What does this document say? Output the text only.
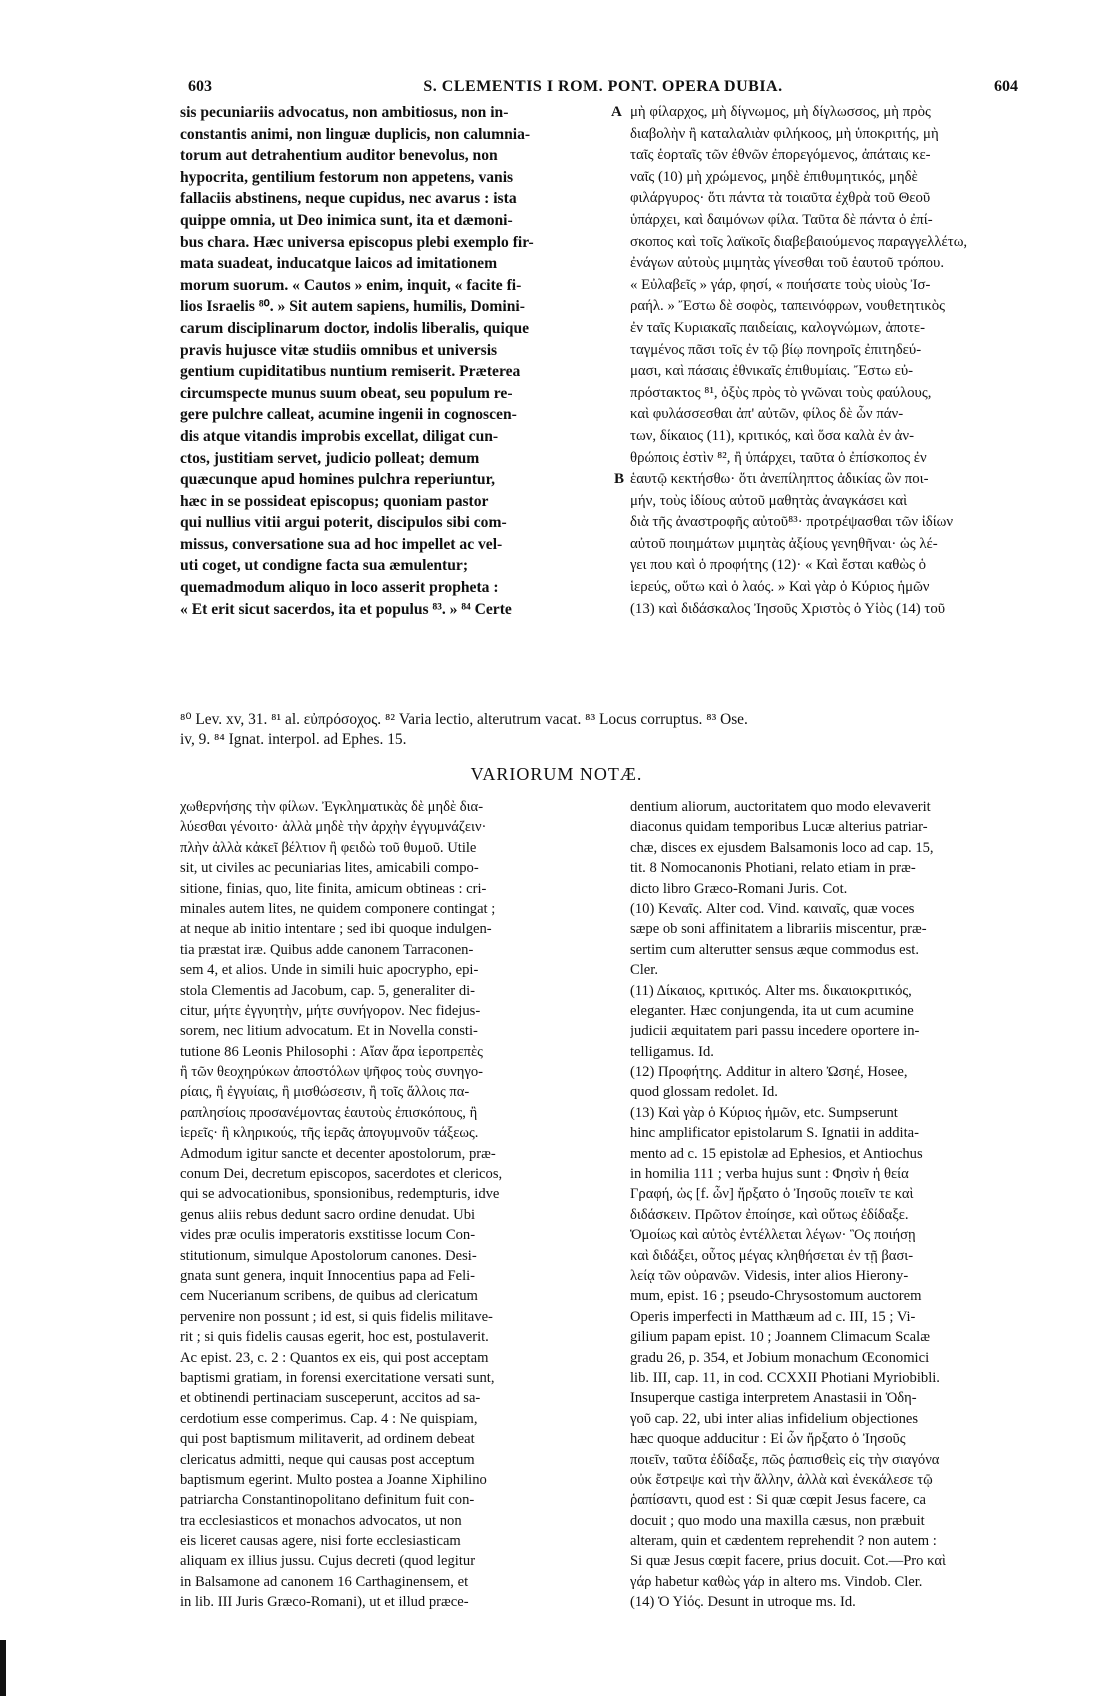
603	S. CLEMENTIS I ROM. PONT. OPERA DUBIA.	604
sis pecuniariis advocatus, non ambitiosus, non in-
constantis animi, non linguæ duplicis, non calumnia-
torum aut detrahentium auditor benevolus, non
hypocrita, gentilium festorum non appetens, vanis
fallaciis abstinens, neque cupidus, nec avarus : ista
quippe omnia, ut Deo inimica sunt, ita et dæmoni-
bus chara. Hæc universa episcopus plebi exemplo fir-
mata suadeat, inducatque laicos ad imitationem
morum suorum. « Cautos » enim, inquit, « facite fi-
lios Israelis ⁸⁰. » Sit autem sapiens, humilis, Domini-
carum disciplinarum doctor, indolis liberalis, quique
pravis hujusce vitæ studiis omnibus et universis
gentium cupiditatibus nuntium remiserit. Præterea
circumspecte munus suum obeat, seu populum re-
gere pulchre calleat, acumine ingenii in cognoscen-
dis atque vitandis improbis excellat, diligat cun-
ctos, justitiam servet, judicio polleat; demum
quæcunque apud homines pulchra reperiuntur,
hæc in se possideat episcopus; quoniam pastor
qui nullius vitii argui poterit, discipulos sibi com-
missus, conversatione sua ad hoc impellet ac vel-
uti coget, ut condigne facta sua æmulentur;
quemadmodum aliquo in loco asserit propheta :
« Et erit sicut sacerdos, ita et populus ⁸³. » ⁸⁴ Certe
μὴ φίλαρχος, μὴ δίγνωμος, μὴ δίγλωσσος, μὴ πρὸς
διαβολὴν ἢ καταλαλιὰν φιλήκοος, μὴ ὑποκριτής, μὴ
ταῖς ἑορταῖς τῶν ἐθνῶν ἐπορεγόμενος, ἀπάταις κε-
ναῖς (10) μὴ χρώμενος, μηδὲ ἐπιθυμητικός, μηδὲ
φιλάργυρος· ὅτι πάντα τὰ τοιαῦτα ἐχθρὰ τοῦ Θεοῦ
ὑπάρχει, καὶ δαιμόνων φίλα. Ταῦτα δὲ πάντα ὁ ἐπί-
σκοπος καὶ τοῖς λαϊκοῖς διαβεβαιούμενος παραγγελλέτω,
ἐνάγων αὐτοὺς μιμητὰς γίνεσθαι τοῦ ἑαυτοῦ τρόπου.
« Εὐλαβεῖς » γάρ, φησί, « ποιήσατε τοὺς υἱοὺς Ἰσ-
ραήλ. » Ἔστω δὲ σοφὸς, ταπεινόφρων, νουθετητικὸς
ἐν ταῖς Κυριακαῖς παιδείαις, καλογνώμων, ἀποτε-
ταγμένος πᾶσι τοῖς ἐν τῷ βίῳ πονηροῖς ἐπιτηδεύ-
μασι, καὶ πάσαις ἐθνικαῖς ἐπιθυμίαις. Ἔστω εὐ-
πρόστακτος ⁸¹, ὀξὺς πρὸς τὸ γνῶναι τοὺς φαύλους,
καὶ φυλάσσεσθαι ἀπ' αὐτῶν, φίλος δὲ ὧν πάν-
των, δίκαιος (11), κριτικός, καὶ ὅσα καλὰ ἐν ἀν-
θρώποις ἐστὶν ⁸², ἢ ὑπάρχει, ταῦτα ὁ ἐπίσκοπος ἐν
ἑαυτῷ κεκτήσθω· ὅτι ἀνεπίληπτος ἀδικίας ὢν ποι-
μήν, τοὺς ἰδίους αὐτοῦ μαθητὰς ἀναγκάσει καὶ
διὰ τῆς ἀναστροφῆς αὐτοῦ⁸³· προτρέψασθαι τῶν ἰδίων
αὐτοῦ ποιημάτων μιμητὰς ἀξίους γενηθῆναι· ὡς λέ-
γει που καὶ ὁ προφήτης (12)· « Καὶ ἔσται καθὼς ὁ
ἱερεύς, οὕτω καὶ ὁ λαός. » Καὶ γὰρ ὁ Κύριος ἡμῶν
(13) καὶ διδάσκαλος Ἰησοῦς Χριστὸς ὁ Υἱὸς (14) τοῦ
A
B
⁸⁰ Lev. xv, 31. ⁸¹ al. εὐπρόσοχος. ⁸² Varia lectio, alterutrum vacat. ⁸³ Locus corruptus. ⁸³ Ose.
iv, 9. ⁸⁴ Ignat. interpol. ad Ephes. 15.
VARIORUM NOTÆ.
χωθερνήσης τὴν φίλων. Ἐγκληματικὰς δὲ μηδὲ δια-
λύεσθαι γένοιτο· ἀλλὰ μηδὲ τὴν ἀρχὴν ἐγγυμνάζειν·
πλὴν ἀλλὰ κἀκεῖ βέλτιον ἢ φειδὼ τοῦ θυμοῦ. Utile
sit, ut civiles ac pecuniarias lites, amicabili compo-
sitione, finias, quo, lite finita, amicum obtineas : cri-
minales autem lites, ne quidem componere contingat ;
at neque ab initio intentare ; sed ibi quoque indulgen-
tia præstat iræ. Quibus adde canonem Tarraconen-
sem 4, et alios. Unde in simili huic apocrypho, epi-
stola Clementis ad Jacobum, cap. 5, generaliter di-
citur, μήτε ἐγγυητὴν, μήτε συνήγορον. Nec fidejus-
sorem, nec litium advocatum. Et in Novella consti-
tutione 86 Leonis Philosophi : Αἴαν ἄρα ἱεροπρεπὲς
ἢ τῶν θεοχηρύκων ἀποστόλων ψῆφος τοὺς συνηγο-
ρίαις, ἢ ἐγγυίαις, ἢ μισθώσεσιν, ἢ τοῖς ἄλλοις πα-
ραπλησίοις προσανέμοντας ἑαυτοὺς ἐπισκόπους, ἢ
ἱερεῖς· ἢ κληρικούς, τῆς ἱερᾶς ἀπογυμνοῦν τάξεως.
Admodum igitur sancte et decenter apostolorum, præ-
conum Dei, decretum episcopos, sacerdotes et clericos,
qui se advocationibus, sponsionibus, redempturis, idve
genus aliis rebus dedunt sacro ordine denudat. Ubi
vides præ oculis imperatoris exstitisse locum Con-
stitutionum, simulque Apostolorum canones. Desi-
gnata sunt genera, inquit Innocentius papa ad Feli-
cem Nucerianum scribens, de quibus ad clericatum
pervenire non possunt ; id est, si quis fidelis militave-
rit ; si quis fidelis causas egerit, hoc est, postulaverit.
Ac epist. 23, c. 2 : Quantos ex eis, qui post acceptam
baptismi gratiam, in forensi exercitatione versati sunt,
et obtinendi pertinaciam susceperunt, accitos ad sa-
cerdotium esse comperimus. Cap. 4 : Ne quispiam,
qui post baptismum militaverit, ad ordinem debeat
clericatus admitti, neque qui causas post acceptum
baptismum egerint. Multo postea a Joanne Xiphilino
patriarcha Constantinopolitano definitum fuit con-
tra ecclesiasticos et monachos advocatos, ut non
eis liceret causas agere, nisi forte ecclesiasticam
aliquam ex illius jussu. Cujus decreti (quod legitur
in Balsamone ad canonem 16 Carthaginensem, et
in lib. III Juris Græco-Romani), ut et illud præce-
dentium aliorum, auctoritatem quo modo elevaverit
diaconus quidam temporibus Lucæ alterius patriar-
chæ, disces ex ejusdem Balsamonis loco ad cap. 15,
tit. 8 Nomocanonis Photiani, relato etiam in præ-
dicto libro Græco-Romani Juris. Cot.
(10) Κεναῖς. Alter cod. Vind. καιναῖς, quæ voces
sæpe ob soni affinitatem a librariis miscentur, præ-
sertim cum alterutter sensus æque commodus est.
Cler.
(11) Δίκαιος, κριτικός. Alter ms. δικαιοκριτικός,
eleganter. Hæc conjungenda, ita ut cum acumine
judicii æquitatem pari passu incedere oportere in-
telligamus. Id.
(12) Προφήτης. Additur in altero Ὠσηέ, Hosee,
quod glossam redolet. Id.
(13) Καὶ γὰρ ὁ Κύριος ἡμῶν, etc. Sumpserunt
hinc amplificator epistolarum S. Ignatii in addita-
mento ad c. 15 epistolæ ad Ephesios, et Antiochus
in homilia 111 ; verba hujus sunt : Φησὶν ἡ θεία
Γραφή, ὡς [f. ὧν] ἤρξατο ὁ Ἰησοῦς ποιεῖν τε καὶ
διδάσκειν. Πρῶτον ἐποίησε, καὶ οὕτως ἐδίδαξε.
Ὁμοίως καὶ αὐτὸς ἐντέλλεται λέγων· Ὃς ποιήσῃ
καὶ διδάξει, οὗτος μέγας κληθήσεται ἐν τῇ βασι-
λείᾳ τῶν οὐρανῶν. Videsis, inter alios Hierony-
mum, epist. 16 ; pseudo-Chrysostomum auctorem
Operis imperfecti in Matthæum ad c. III, 15 ; Vi-
gilium papam epist. 10 ; Joannem Climacum Scalæ
gradu 26, p. 354, et Jobium monachum Œconomici
lib. III, cap. 11, in cod. CCXXII Photiani Myriobibli.
Insuperque castiga interpretem Anastasii in Ὁδη-
γοῦ cap. 22, ubi inter alias infidelium objectiones
hæc quoque adducitur : Εἰ ὧν ἤρξατο ὁ Ἰησοῦς
ποιεῖν, ταῦτα ἐδίδαξε, πῶς ῥαπισθεὶς εἰς τὴν σιαγόνα
οὐκ ἔστρεψε καὶ τὴν ἄλλην, ἀλλὰ καὶ ἐνεκάλεσε τῷ
ῥαπίσαντι, quod est : Si quæ cœpit Jesus facere, ca
docuit ; quo modo una maxilla cæsus, non præbuit
alteram, quin et cædentem reprehendit ? non autem :
Si quæ Jesus cœpit facere, prius docuit. Cot.—Pro καὶ
γάρ habetur καθὼς γάρ in altero ms. Vindob. Cler.
(14) Ὁ Υἱός. Desunt in utroque ms. Id.
